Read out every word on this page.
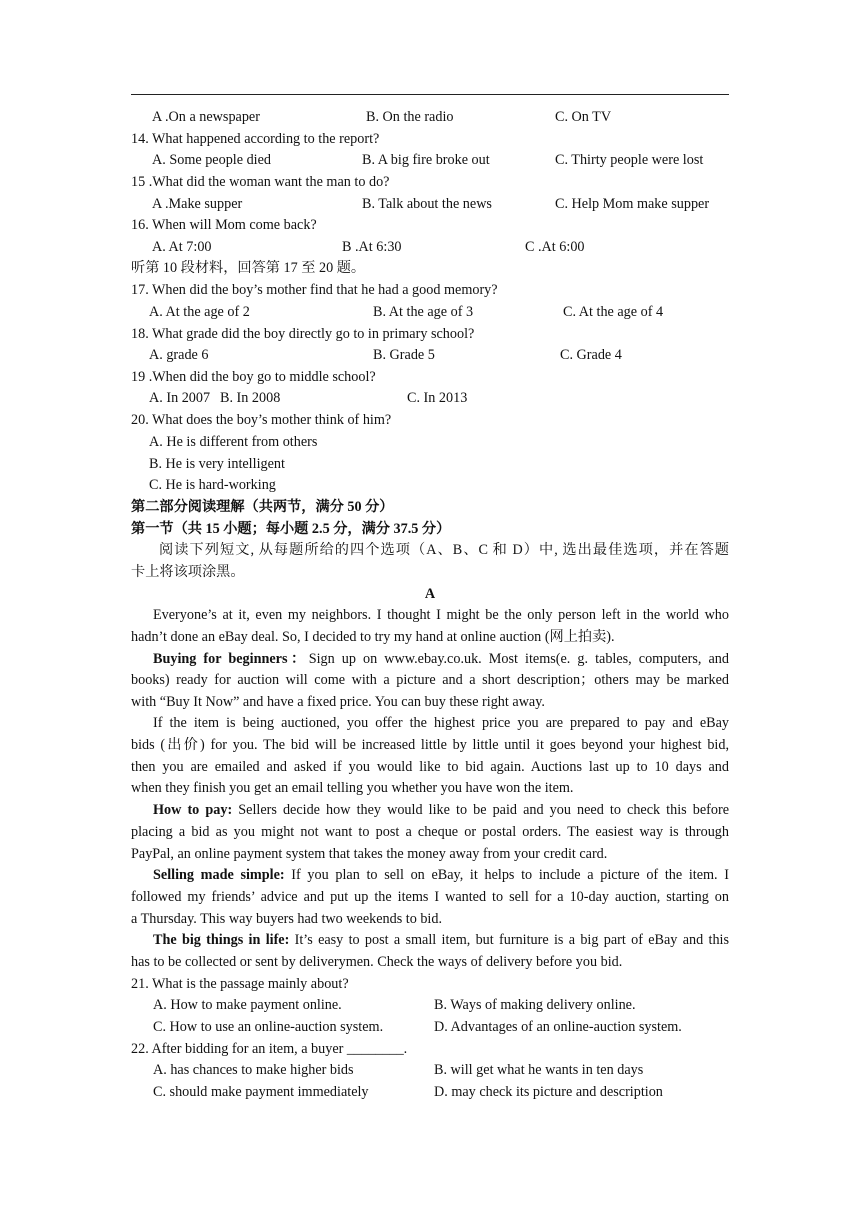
A .On a newspaper	B. On the radio	C. On TV
14. What happened according to the report?
A. Some people died	B. A big fire broke out	C. Thirty people were lost
15 .What did the woman want the man to do?
A .Make supper	B. Talk about the news	C. Help Mom make supper
16. When will Mom come back?
A. At 7:00	B .At 6:30	C .At 6:00
听第 10 段材料，回答第 17 至 20 题。
17. When did the boy’s mother find that he had a good memory?
A. At the age of 2	B. At the age of 3	C. At the age of 4
18. What grade did the boy directly go to in primary school?
A. grade 6	B. Grade 5	C. Grade 4
19 .When did the boy go to middle school?
A. In 2007 B. In 2008	C. In 2013
20. What does the boy’s mother think of him?
A. He is different from others
B. He is very intelligent
C. He is hard-working
第二部分阅读理解（共两节，满分 50 分）
第一节（共 15 小题；每小题 2.5 分，满分 37.5 分）
阅读下列短文, 从每题所给的四个选项（A、B、C 和 D）中, 选出最佳选项，并在答题
卡上将该项涂黑。
A
Everyone’s at it, even my neighbors. I thought I might be the only person left in the world who
hadn’t done an eBay deal. So, I decided to try my hand at online auction (网上拍卖).
Buying for beginners：Sign up on www.ebay.co.uk. Most items(e. g. tables, computers, and
books) ready for auction will come with a picture and a short description；others may be marked
with “Buy It Now” and have a fixed price. You can buy these right away.
If the item is being auctioned, you offer the highest price you are prepared to pay and eBay
bids (出价) for you. The bid will be increased little by little until it goes beyond your highest bid,
then you are emailed and asked if you would like to bid again. Auctions last up to 10 days and
when they finish you get an email telling you whether you have won the item.
How to pay: Sellers decide how they would like to be paid and you need to check this before
placing a bid as you might not want to post a cheque or postal orders. The easiest way is through
PayPal, an online payment system that takes the money away from your credit card.
Selling made simple: If you plan to sell on eBay, it helps to include a picture of the item. I
followed my friends’ advice and put up the items I wanted to sell for a 10-day auction, starting on
a Thursday. This way buyers had two weekends to bid.
The big things in life: It’s easy to post a small item, but furniture is a big part of eBay and this
has to be collected or sent by deliverymen. Check the ways of delivery before you bid.
21. What is the passage mainly about?
A. How to make payment online.	B. Ways of making delivery online.
C. How to use an online-auction system.	D. Advantages of an online-auction system.
22. After bidding for an item, a buyer ________.
A. has chances to make higher bids	B. will get what he wants in ten days
C. should make payment immediately	D. may check its picture and description
